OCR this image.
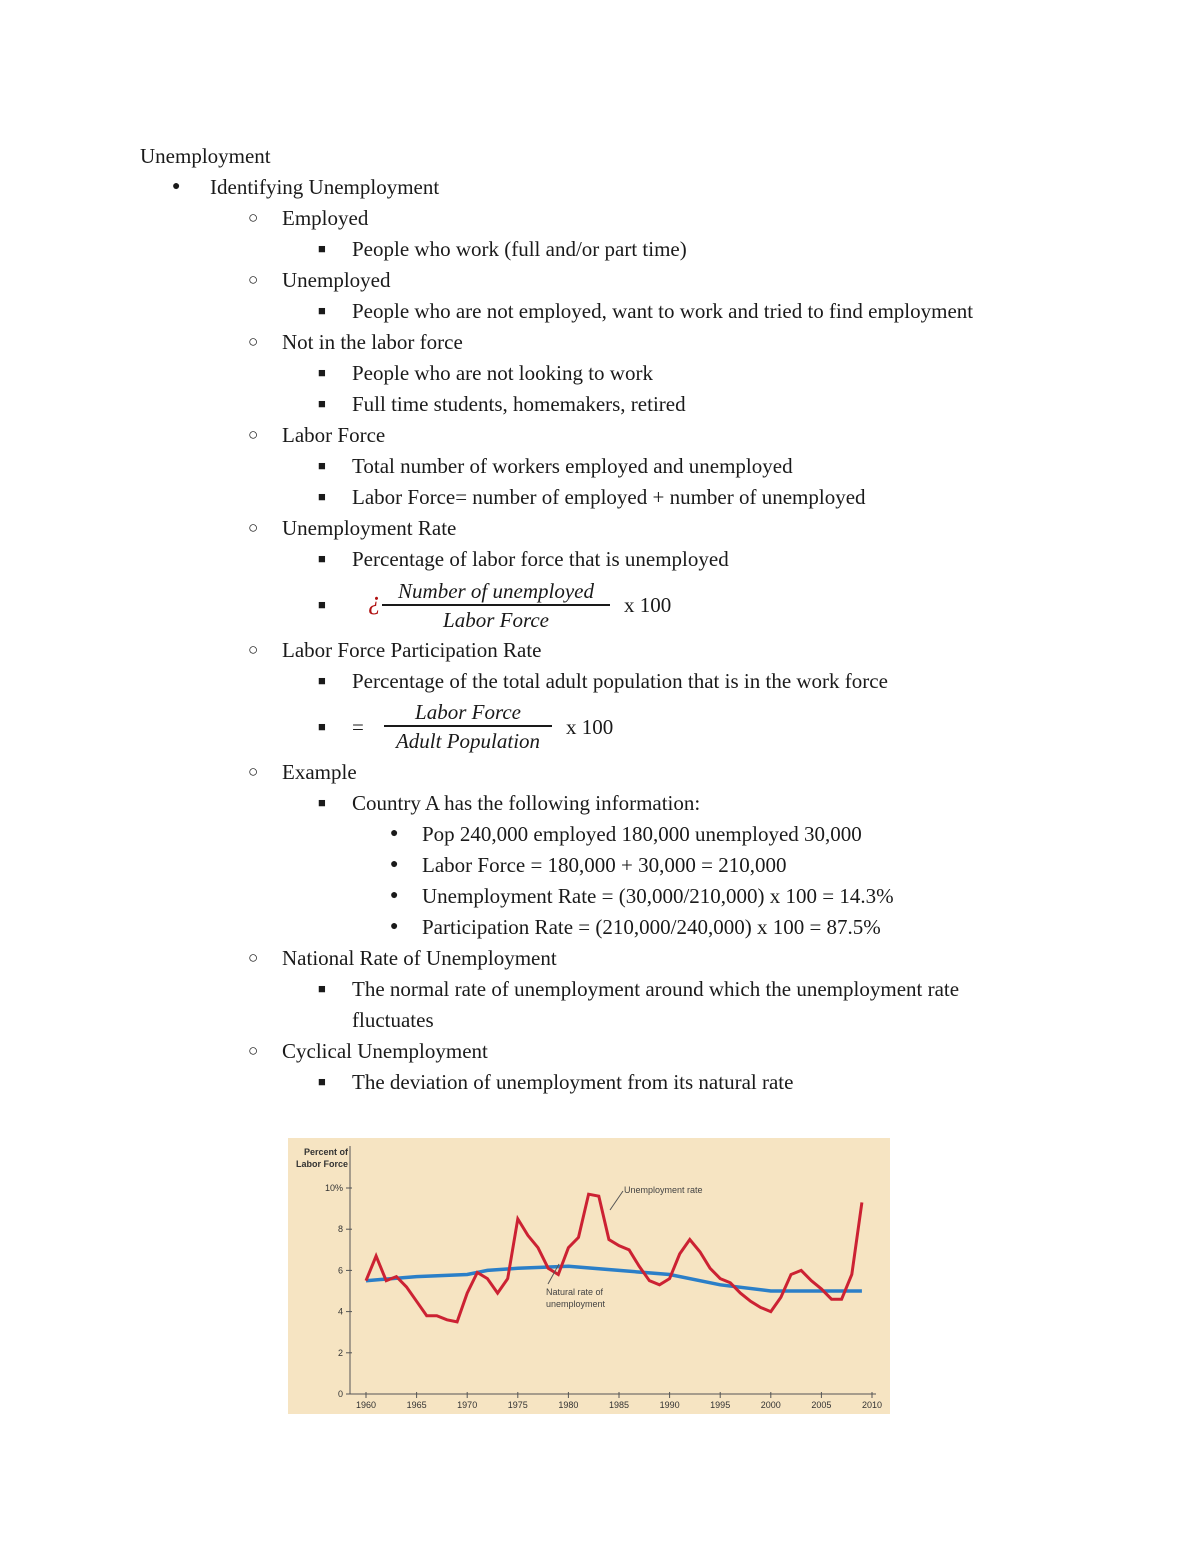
Unemployment
● Identifying Unemployment
○ Employed
■ People who work (full and/or part time)
○ Unemployed
■ People who are not employed, want to work and tried to find employment
○ Not in the labor force
■ People who are not looking to work
■ Full time students, homemakers, retired
○ Labor Force
■ Total number of workers employed and unemployed
■ Labor Force= number of employed + number of unemployed
○ Unemployment Rate
■ Percentage of labor force that is unemployed
■ ¿ Number of unemployed
Labor Force
x 100
○ Labor Force Participation Rate
■ Percentage of the total adult population that is in the work force
■ =
Labor Force
Adult Population
x 100
○ Example
■ Country A has the following information:
● Pop 240,000 employed 180,000 unemployed 30,000
● Labor Force = 180,000 + 30,000 = 210,000
● Unemployment Rate = (30,000/210,000) x 100 = 14.3%
● Participation Rate = (210,000/240,000) x 100 = 87.5%
○ National Rate of Unemployment
■ The normal rate of unemployment around which the unemployment rate
fluctuates
○ Cyclical Unemployment
■ The deviation of unemployment from its natural rate
Percent of
Labor Force
0
2
4
6
8
10%
1960	1965	1970	1975	1980	1985	1990	1995	2000	2005	2010
Unemployment rate
Natural rate of
unemployment
